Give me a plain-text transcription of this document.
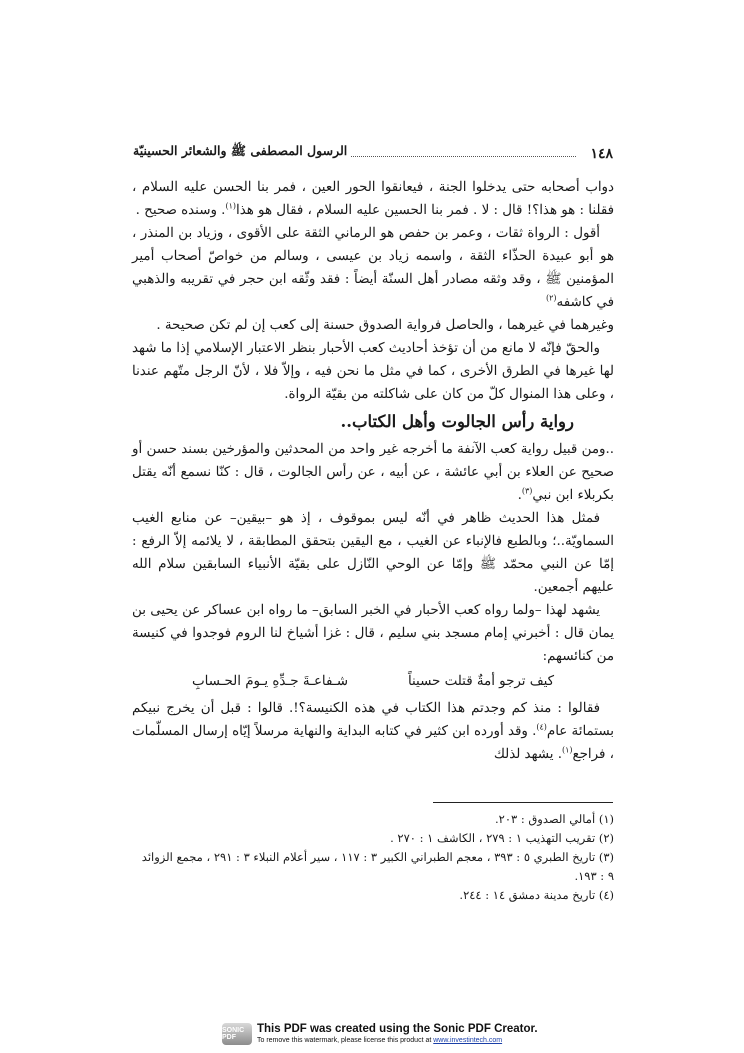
١٤٨
الرسول المصطفى ﷺ والشعائر الحسينيّة

دواب أصحابه حتى يدخلوا الجنة ، فيعانقوا الحور العين ، فمر بنا الحسن عليه السلام ، فقلنا : هو هذا؟! قال : لا . فمر بنا الحسين عليه السلام ، فقال هو هذا$^{(١)}$. وسنده صحيح .

أقول : الرواة ثقات ، وعمر بن حفص هو الرماني الثقة على الأقوى ، وزياد بن المنذر ، هو أبو عبيدة الحذّاء الثقة ، واسمه زياد بن عيسى ، وسالم من خواصّ أصحاب أمير المؤمنين ﷺ ، وقد وثقه مصادر أهل السنّة أيضاً : فقد وثّقه ابن حجر في تقريبه والذهبي في كاشفه$^{(٢)}$

وغيرهما في غيرهما ، والحاصل فرواية الصدوق حسنة إلى كعب إن لم تكن صحيحة .

والحقّ فإنّه لا مانع من أن تؤخذ أحاديث كعب الأحبار بنظر الاعتبار الإسلامي إذا ما شهد لها غيرها في الطرق الأخرى ، كما في مثل ما نحن فيه ، وإلاّ فلا ، لأنّ الرجل متّهم عندنا ، وعلى هذا المنوال كلّ من كان على شاكلته من بقيّة الرواة.

رواية رأس الجالوت وأهل الكتاب..

..ومن قبيل رواية كعب الآنفة ما أخرجه غير واحد من المحدثين والمؤرخين بسند حسن أو صحيح عن العلاء بن أبي عائشة ، عن أبيه ، عن رأس الجالوت ، قال : كنّا نسمع أنّه يقتل بكربلاء ابن نبي$^{(٣)}$.

فمثل هذا الحديث ظاهر في أنّه ليس بموقوف ، إذ هو –بيقين– عن منابع الغيب السماويّة..؛ وبالطبع فالإنباء عن الغيب ، مع اليقين بتحقق المطابقة ، لا يلائمه إلاّ الرفع : إمّا عن النبي محمّد ﷺ وإمّا عن الوحي النّازل على بقيّة الأنبياء السابقين سلام الله عليهم أجمعين.

يشهد لهذا –ولما رواه كعب الأحبار في الخبر السابق– ما رواه ابن عساكر عن يحيى بن يمان قال : أخبرني إمام مسجد بني سليم ، قال : غزا أشياخ لنا الروم فوجدوا في كنيسة من كنائسهم:

كيف ترجو أمةٌ قتلت حسيناً
شـفاعـةَ جـدِّهِ يـومَ الحـسابِ

فقالوا : منذ كم وجدتم هذا الكتاب في هذه الكنيسة؟!. قالوا : قبل أن يخرج نبيكم بستمائة عام$^{(٤)}$. وقد أورده ابن كثير في كتابه البداية والنهاية مرسلاً إيّاه إرسال المسلّمات ، فراجع$^{(١)}$. يشهد لذلك

(١) أمالي الصدوق : ٢٠٣.

(٢) تقريب التهذيب ١ : ٢٧٩ ، الكاشف ١ : ٢٧٠ .

(٣) تاريخ الطبري ٥ : ٣٩٣ ، معجم الطبراني الكبير ٣ : ١١٧ ، سير أعلام النبلاء ٣ : ٢٩١ ، مجمع الزوائد ٩ : ١٩٣.

(٤) تاريخ مدينة دمشق ١٤ : ٢٤٤.

SONIC PDF
This PDF was created using the Sonic PDF Creator.
To remove this watermark, please license this product at www.investintech.com
